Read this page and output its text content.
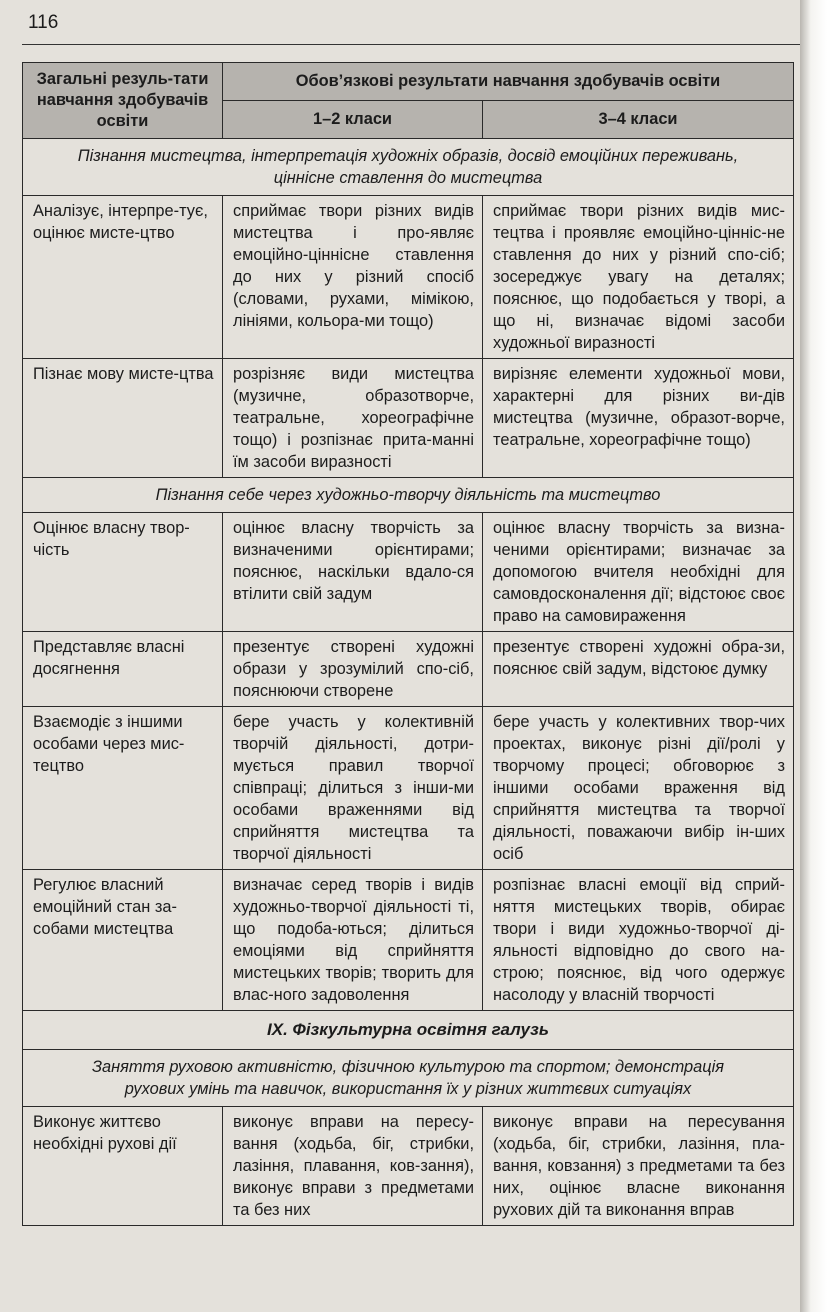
116
Загальні резуль-тати навчання здобувачів освіти	Обов’язкові результати навчання здобувачів освіти	
	1–2 класи	3–4 класи
Пізнання мистецтва, інтерпретація художніх образів, досвід емоційних переживань, ціннісне ставлення до мистецтва		
Аналізує, інтерпре-тує, оцінює мисте-цтво	сприймає твори різних видів мистецтва і про-являє емоційно-ціннісне ставлення до них у різний спосіб (словами, рухами, мімікою, лініями, кольора-ми тощо)	сприймає твори різних видів мис-тецтва і проявляє емоційно-цінніс-не ставлення до них у різний спо-сіб; зосереджує увагу на деталях; пояснює, що подобається у творі, а що ні, визначає відомі засоби художньої виразності
Пізнає мову мисте-цтва	розрізняє види мистецтва (музичне, образотворче, театральне, хореографічне тощо) і розпізнає прита-манні їм засоби виразності	вирізняє елементи художньої мови, характерні для різних ви-дів мистецтва (музичне, образот-ворче, театральне, хореографічне тощо)
Пізнання себе через художньо-творчу діяльність та мистецтво		
Оцінює власну твор-чість	оцінює власну творчість за визначеними орієнтирами; пояснює, наскільки вдало-ся втілити свій задум	оцінює власну творчість за визна-ченими орієнтирами; визначає за допомогою вчителя необхідні для самовдосконалення дії; відстоює своє право на самовираження
Представляє власні досягнення	презентує створені художні образи у зрозумілий спо-сіб, пояснюючи створене	презентує створені художні обра-зи, пояснює свій задум, відстоює думку
Взаємодіє з іншими особами через мис-тецтво	бере участь у колективній творчій діяльності, дотри-мується правил творчої співпраці; ділиться з інши-ми особами враженнями від сприйняття мистецтва та творчої діяльності	бере участь у колективних твор-чих проектах, виконує різні дії/ролі у творчому процесі; обговорює з іншими особами враження від сприйняття мистецтва та творчої діяльності, поважаючи вибір ін-ших осіб
Регулює власний емоційний стан за-собами мистецтва	визначає серед творів і видів художньо-творчої діяльності ті, що подоба-ються; ділиться емоціями від сприйняття мистецьких творів; творить для влас-ного задоволення	розпізнає власні емоції від сприй-няття мистецьких творів, обирає твори і види художньо-творчої ді-яльності відповідно до свого на-строю; пояснює, від чого одержує насолоду у власній творчості
IX. Фізкультурна освітня галузь		
Заняття руховою активністю, фізичною культурою та спортом; демонстрація рухових умінь та навичок, використання їх у різних життєвих ситуаціях		
Виконує життєво необхідні рухові дії	виконує вправи на пересу-вання (ходьба, біг, стрибки, лазіння, плавання, ков-зання), виконує вправи з предметами та без них	виконує вправи на пересування (ходьба, біг, стрибки, лазіння, пла-вання, ковзання) з предметами та без них, оцінює власне виконання рухових дій та виконання вправ
